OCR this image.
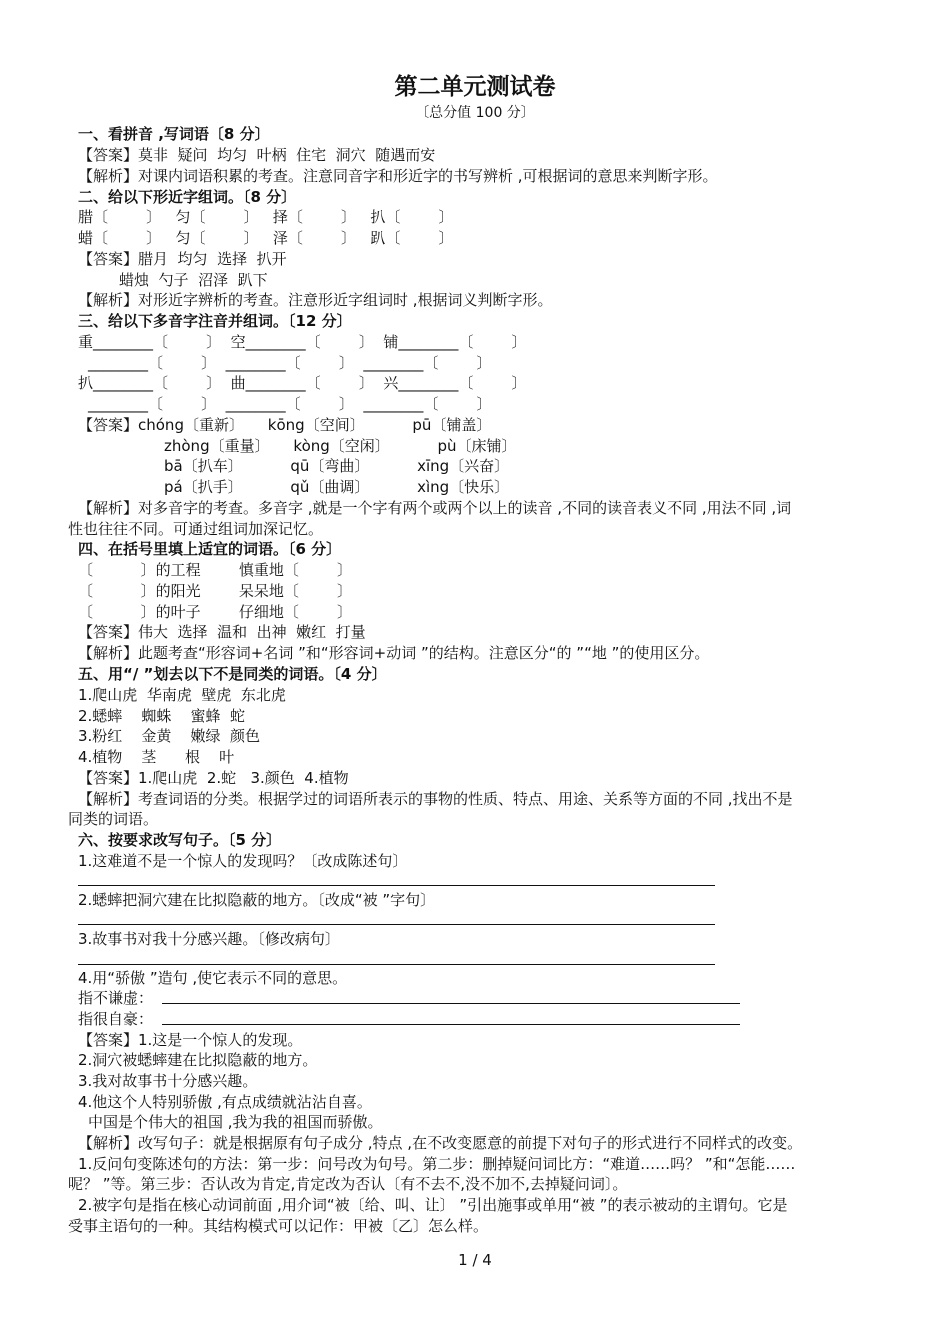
第二单元测试卷
〔总分值 100 分〕
一、看拼音 ,写词语〔8 分〕
【答案】莫非  疑问  均匀  叶柄  住宅  洞穴  随遇而安
【解析】对课内词语积累的考查。注意同音字和形近字的书写辨析 ,可根据词的意思来判断字形。
二、给以下形近字组词。〔8 分〕
腊〔        〕   匀〔        〕   择〔        〕   扒〔        〕
蜡〔        〕   匀〔        〕   泽〔        〕   趴〔        〕
【答案】腊月  均匀  选择  扒开
蜡烛  勺子  沼泽  趴下
【解析】对形近字辨析的考查。注意形近字组词时 ,根据词义判断字形。
三、给以下多音字注音并组词。〔12 分〕
重________〔        〕  空________〔        〕  铺________〔        〕
________〔        〕  ________〔        〕  ________〔        〕
扒________〔        〕  曲________〔        〕  兴________〔        〕
________〔        〕  ________〔        〕  ________〔        〕
【答案】chóng〔重新〕     kōng〔空间〕          pū〔铺盖〕
zhòng〔重量〕     kòng〔空闲〕          pù〔床铺〕
bā〔扒车〕          qū〔弯曲〕          xīng〔兴奋〕
pá〔扒手〕          qǔ〔曲调〕          xìng〔快乐〕
【解析】对多音字的考查。多音字 ,就是一个字有两个或两个以上的读音 ,不同的读音表义不同 ,用法不同 ,词
性也往往不同。可通过组词加深记忆。
四、在括号里填上适宜的词语。〔6 分〕
〔          〕的工程        慎重地〔        〕
〔          〕的阳光        呆呆地〔        〕
〔          〕的叶子        仔细地〔        〕
【答案】伟大  选择  温和  出神  嫩红  打量
【解析】此题考查“形容词+名词 ”和“形容词+动词 ”的结构。注意区分“的 ”“地 ”的使用区分。
五、用“/ ”划去以下不是同类的词语。〔4 分〕
1.爬山虎  华南虎  壁虎  东北虎
2.蟋蟀    蜘蛛    蜜蜂  蛇
3.粉红    金黄    嫩绿  颜色
4.植物    茎      根    叶
【答案】1.爬山虎  2.蛇   3.颜色  4.植物
【解析】考查词语的分类。根据学过的词语所表示的事物的性质、特点、用途、关系等方面的不同 ,找出不是
同类的词语。
六、按要求改写句子。〔5 分〕
1.这难道不是一个惊人的发现吗？〔改成陈述句〕
2.蟋蟀把洞穴建在比拟隐蔽的地方。〔改成“被 ”字句〕
3.故事书对我十分感兴趣。〔修改病句〕
4.用“骄傲 ”造句 ,使它表示不同的意思。
指不谦虚：
指很自豪：
【答案】1.这是一个惊人的发现。
2.洞穴被蟋蟀建在比拟隐蔽的地方。
3.我对故事书十分感兴趣。
4.他这个人特别骄傲 ,有点成绩就沾沾自喜。
中国是个伟大的祖国 ,我为我的祖国而骄傲。
【解析】改写句子：就是根据原有句子成分 ,特点 ,在不改变愿意的前提下对句子的形式进行不同样式的改变。
1.反问句变陈述句的方法：第一步：问号改为句号。第二步：删掉疑问词比方：“难道……吗？ ”和“怎能……
呢？ ”等。第三步：否认改为肯定,肯定改为否认〔有不去不,没不加不,去掉疑问词〕。
2.被字句是指在核心动词前面 ,用介词“被〔给、叫、让〕 ”引出施事或单用“被 ”的表示被动的主谓句。它是
受事主语句的一种。其结构模式可以记作：甲被〔乙〕怎么样。
1 / 4
